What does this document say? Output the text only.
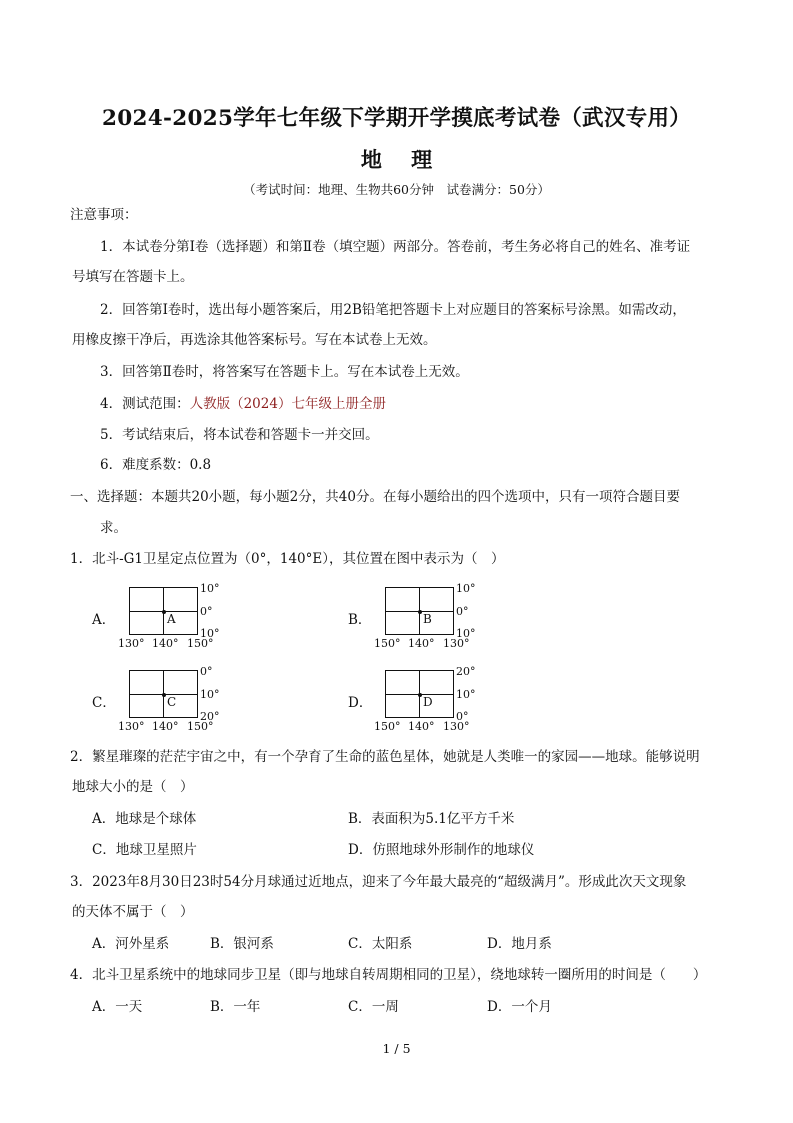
2024-2025学年七年级下学期开学摸底考试卷（武汉专用）
地 理
（考试时间：地理、生物共60分钟　试卷满分：50分）
注意事项：
1．本试卷分第Ⅰ卷（选择题）和第Ⅱ卷（填空题）两部分。答卷前，考生务必将自己的姓名、准考证
号填写在答题卡上。
2．回答第Ⅰ卷时，选出每小题答案后，用2B铅笔把答题卡上对应题目的答案标号涂黑。如需改动，
用橡皮擦干净后，再选涂其他答案标号。写在本试卷上无效。
3．回答第Ⅱ卷时，将答案写在答题卡上。写在本试卷上无效。
4．测试范围：人教版（2024）七年级上册全册
5．考试结束后，将本试卷和答题卡一并交回。
6．难度系数：0.8
一、选择题：本题共20小题，每小题2分，共40分。在每小题给出的四个选项中，只有一项符合题目要
求。
1．北斗-G1卫星定点位置为（0°，140°E），其位置在图中表示为（　）
A．	A
10°
0°
10°
130° 140° 150°
B．	B
10°
0°
10°
150° 140° 130°
C．	C
0°
10°
20°
130° 140° 150°
D．	D
20°
10°
0°
150° 140° 130°
2．繁星璀璨的茫茫宇宙之中，有一个孕育了生命的蓝色星体，她就是人类唯一的家园——地球。能够说明
地球大小的是（　）
A．地球是个球体	B．表面积为5.1亿平方千米
C．地球卫星照片	D．仿照地球外形制作的地球仪
3．2023年8月30日23时54分月球通过近地点，迎来了今年最大最亮的“超级满月”。形成此次天文现象
的天体不属于（　）
A．河外星系	B．银河系	C．太阳系	D．地月系
4．北斗卫星系统中的地球同步卫星（即与地球自转周期相同的卫星），绕地球转一圈所用的时间是（　　）
A．一天	B．一年	C．一周	D．一个月
1 / 5
